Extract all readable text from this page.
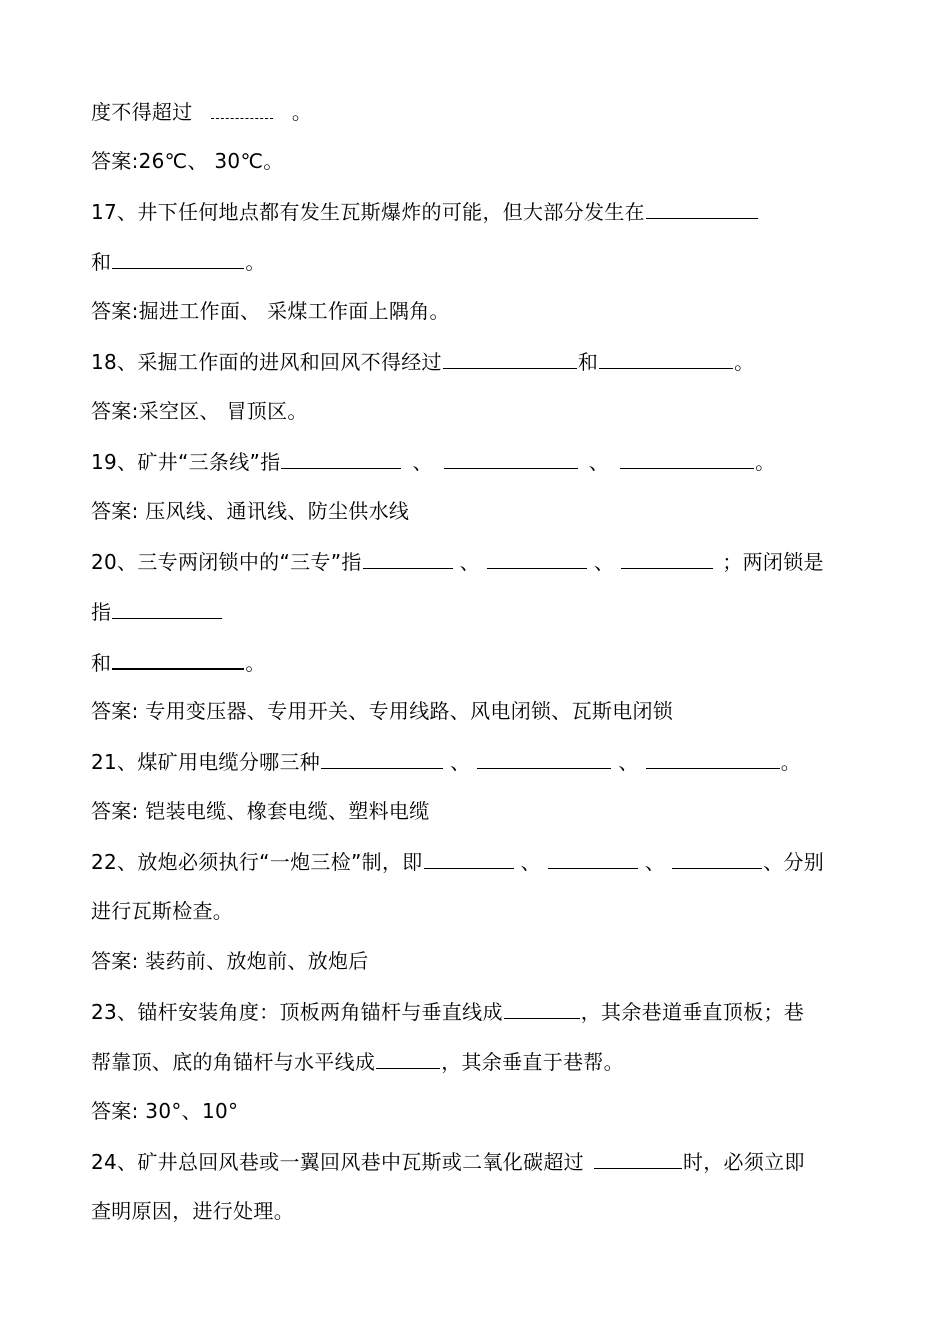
度不得超过	。
答案:26℃、 30℃。
17、井下任何地点都有发生瓦斯爆炸的可能，但大部分发生在
和	。
答案:掘进工作面、 采煤工作面上隅角。
18、采掘工作面的进风和回风不得经过	和	。
答案:采空区、 冒顶区。
19、矿井“三条线”指	、	、	。
答案: 压风线、通讯线、防尘供水线
20、三专两闭锁中的“三专”指	、	、	；两闭锁是
指
和	。
答案: 专用变压器、专用开关、专用线路、风电闭锁、瓦斯电闭锁
21、煤矿用电缆分哪三种	、	、	。
答案: 铠装电缆、橡套电缆、塑料电缆
22、放炮必须执行“一炮三检”制，即	、	、	、分别
进行瓦斯检查。
答案: 装药前、放炮前、放炮后
23、锚杆安装角度：顶板两角锚杆与垂直线成	，其余巷道垂直顶板；巷
帮靠顶、底的角锚杆与水平线成	，其余垂直于巷帮。
答案: 30°、10°
24、矿井总回风巷或一翼回风巷中瓦斯或二氧化碳超过	时，必须立即
查明原因，进行处理。
